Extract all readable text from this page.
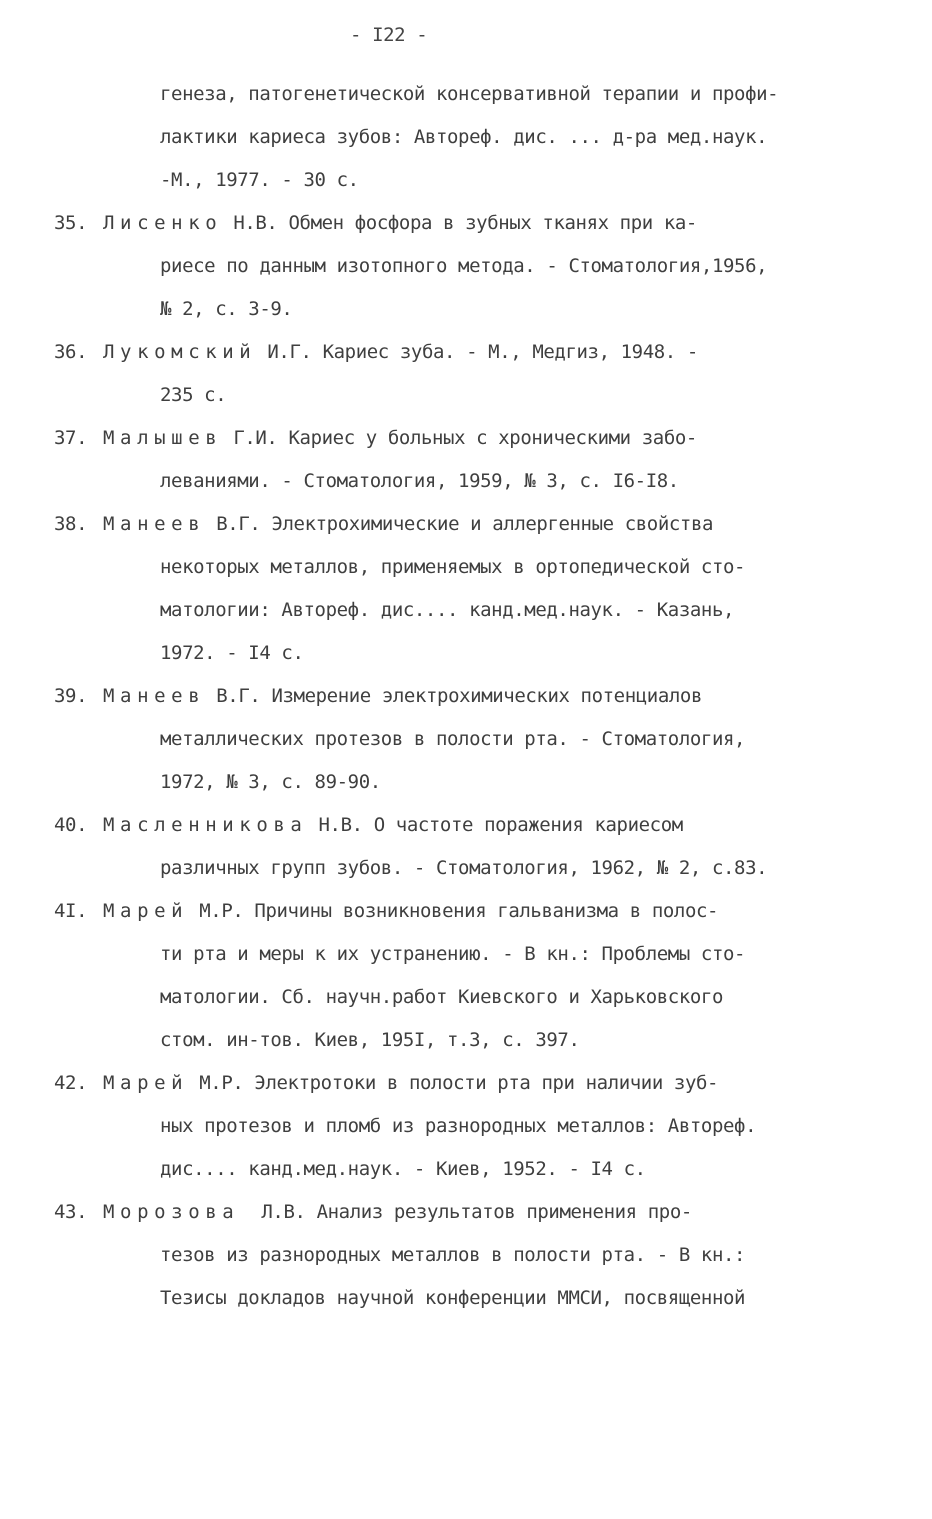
- I22 -
генеза, патогенетической консервативной терапии и профи-
лактики кариеса зубов: Автореф. дис. ... д-ра мед.наук.
-М., 1977. - 30 с.
35. Лисенко Н.В. Обмен фосфора в зубных тканях при ка-
риесе по данным изотопного метода. - Стоматология,1956,
№ 2, с. 3-9.
36. Лукомский И.Г. Кариес зуба. - М., Медгиз, 1948. -
235 с.
37. Малышев Г.И. Кариес у больных с хроническими забо-
леваниями. - Стоматология, 1959, № 3, с. I6-I8.
38. Манеев В.Г. Электрохимические и аллергенные свойства
некоторых металлов, применяемых в ортопедической сто-
матологии: Автореф. дис.... канд.мед.наук. - Казань,
1972. - I4 с.
39. Манеев В.Г. Измерение электрохимических потенциалов
металлических протезов в полости рта. - Стоматология,
1972, № 3, с. 89-90.
40. Масленникова Н.В. О частоте поражения кариесом
различных групп зубов. - Стоматология, 1962, № 2, с.83.
4I. Марей М.Р. Причины возникновения гальванизма в полос-
ти рта и меры к их устранению. - В кн.: Проблемы сто-
матологии. Сб. научн.работ Киевского и Харьковского
стом. ин-тов. Киев, 195I, т.3, с. 397.
42. Марей М.Р. Электротоки в полости рта при наличии зуб-
ных протезов и пломб из разнородных металлов: Автореф.
дис.... канд.мед.наук. - Киев, 1952. - I4 с.
43. Морозова  Л.В. Анализ результатов применения про-
тезов из разнородных металлов в полости рта. - В кн.:
Тезисы докладов научной конференции ММСИ, посвященной
